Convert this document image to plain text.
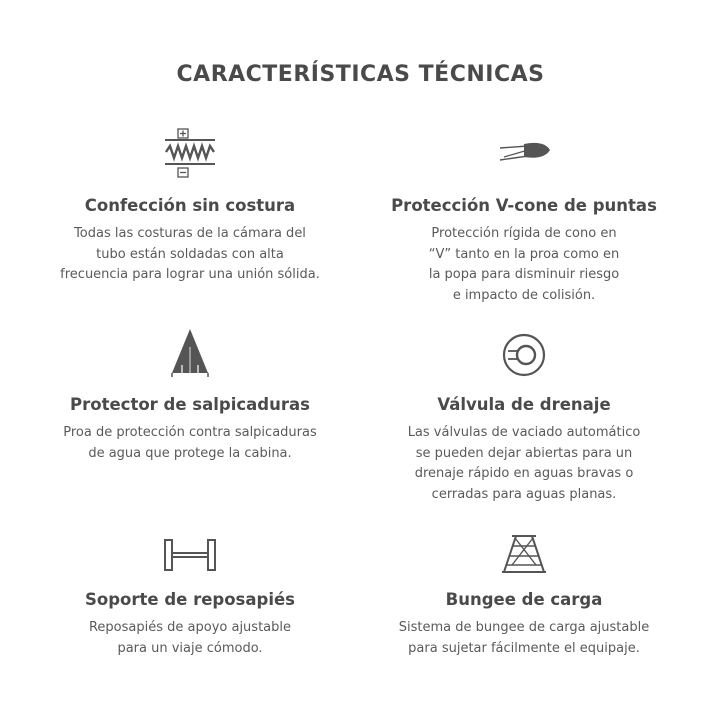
CARACTERÍSTICAS TÉCNICAS
Confección sin costura
Todas las costuras de la cámara del
tubo están soldadas con alta
frecuencia para lograr una unión sólida.
Protección V-cone de puntas
Protección rígida de cono en
“V” tanto en la proa como en
la popa para disminuir riesgo
e impacto de colisión.
Protector de salpicaduras
Proa de protección contra salpicaduras
de agua que protege la cabina.
Válvula de drenaje
Las válvulas de vaciado automático
se pueden dejar abiertas para un
drenaje rápido en aguas bravas o
cerradas para aguas planas.
Soporte de reposapiés
Reposapiés de apoyo ajustable
para un viaje cómodo.
Bungee de carga
Sistema de bungee de carga ajustable
para sujetar fácilmente el equipaje.
